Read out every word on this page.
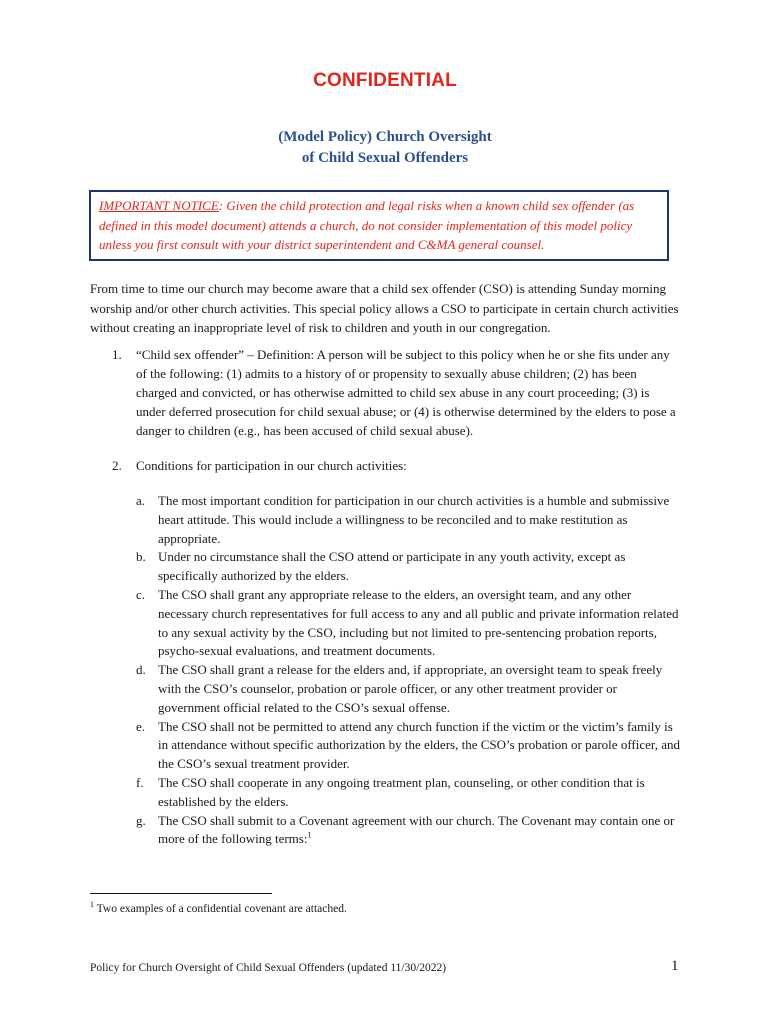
CONFIDENTIAL
(Model Policy) Church Oversight
of Child Sexual Offenders
IMPORTANT NOTICE: Given the child protection and legal risks when a known child sex offender (as defined in this model document) attends a church, do not consider implementation of this model policy unless you first consult with your district superintendent and C&MA general counsel.
From time to time our church may become aware that a child sex offender (CSO) is attending Sunday morning worship and/or other church activities. This special policy allows a CSO to participate in certain church activities without creating an inappropriate level of risk to children and youth in our congregation.
1. “Child sex offender” – Definition: A person will be subject to this policy when he or she fits under any of the following: (1) admits to a history of or propensity to sexually abuse children; (2) has been charged and convicted, or has otherwise admitted to child sex abuse in any court proceeding; (3) is under deferred prosecution for child sexual abuse; or (4) is otherwise determined by the elders to pose a danger to children (e.g., has been accused of child sexual abuse).
2. Conditions for participation in our church activities:
a. The most important condition for participation in our church activities is a humble and submissive heart attitude. This would include a willingness to be reconciled and to make restitution as appropriate.
b. Under no circumstance shall the CSO attend or participate in any youth activity, except as specifically authorized by the elders.
c. The CSO shall grant any appropriate release to the elders, an oversight team, and any other necessary church representatives for full access to any and all public and private information related to any sexual activity by the CSO, including but not limited to pre-sentencing probation reports, psycho-sexual evaluations, and treatment documents.
d. The CSO shall grant a release for the elders and, if appropriate, an oversight team to speak freely with the CSO’s counselor, probation or parole officer, or any other treatment provider or government official related to the CSO’s sexual offense.
e. The CSO shall not be permitted to attend any church function if the victim or the victim’s family is in attendance without specific authorization by the elders, the CSO’s probation or parole officer, and the CSO’s sexual treatment provider.
f. The CSO shall cooperate in any ongoing treatment plan, counseling, or other condition that is established by the elders.
g. The CSO shall submit to a Covenant agreement with our church. The Covenant may contain one or more of the following terms:$^1$
$^1$ Two examples of a confidential covenant are attached.
Policy for Church Oversight of Child Sexual Offenders (updated 11/30/2022)	1
